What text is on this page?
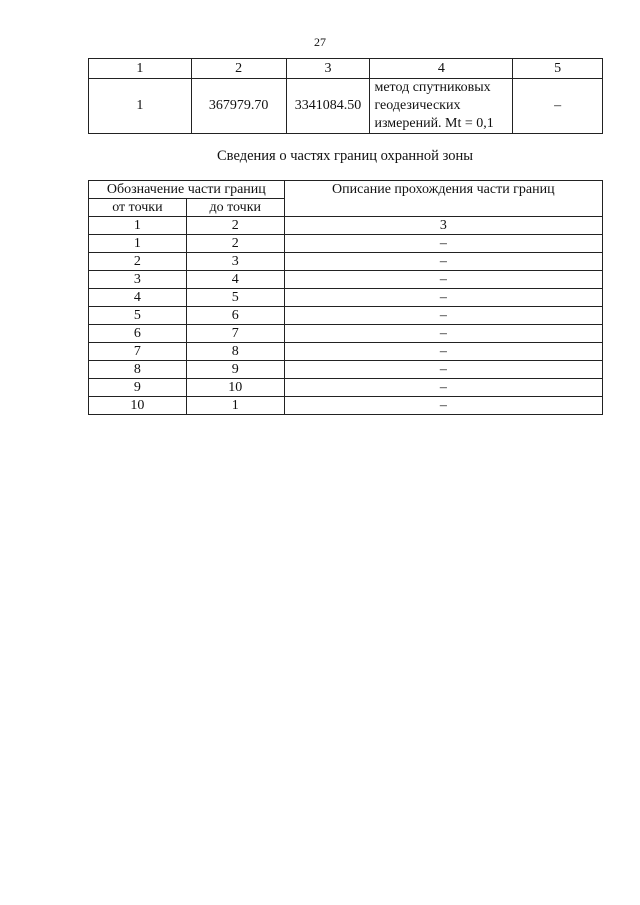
27
1	2	3	4	5
1	367979.70	3341084.50	метод спутниковых
геодезических
измерений. Mt = 0,1	–
Сведения о частях границ охранной зоны
Обозначение части границ		Описание прохождения части границ
от точки	до точки	
1	2	3
1	2	–
2	3	–
3	4	–
4	5	–
5	6	–
6	7	–
7	8	–
8	9	–
9	10	–
10	1	–
